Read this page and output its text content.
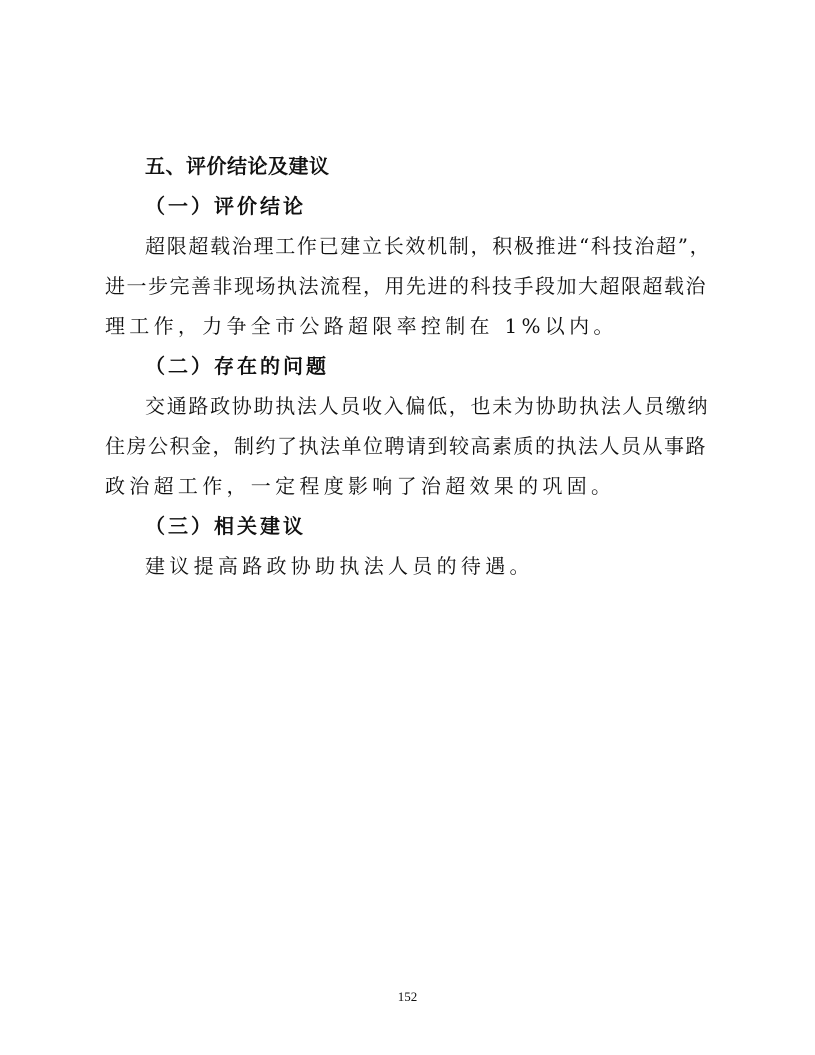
五、评价结论及建议
（一）评价结论

超限超载治理工作已建立长效机制，积极推进“科技治超”，
进一步完善非现场执法流程，用先进的科技手段加大超限超载治
理工作，力争全市公路超限率控制在 1%以内。

（二）存在的问题

交通路政协助执法人员收入偏低，也未为协助执法人员缴纳
住房公积金，制约了执法单位聘请到较高素质的执法人员从事路
政治超工作，一定程度影响了治超效果的巩固。

（三）相关建议

建议提高路政协助执法人员的待遇。

152
